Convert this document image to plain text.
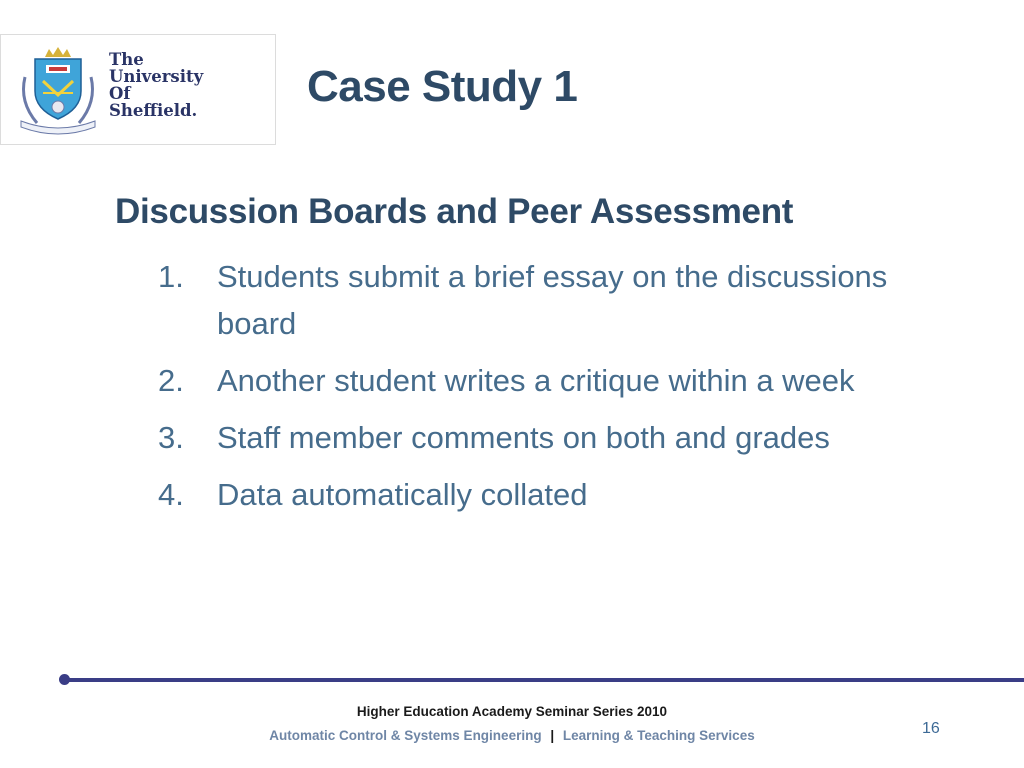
The
University
Of
Sheffield. Case Study 1
Discussion Boards and Peer Assessment
1. Students submit a brief essay on the discussions board
2. Another student writes a critique within a week
3. Staff member comments on both and grades
4. Data automatically collated
Higher Education Academy Seminar Series 2010
Automatic Control & Systems Engineering | Learning & Teaching Services	16
